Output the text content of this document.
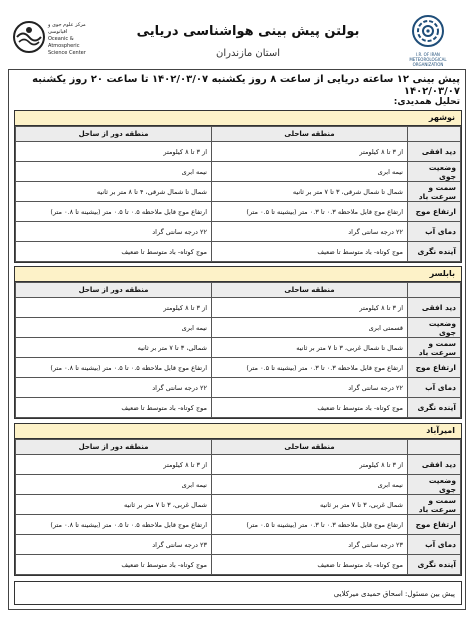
مرکز علوم جوی و اقیانوسی
Oceanic & Atmospheric
Science Center
بولتن پیش بینی هواشناسی دریایی
استان مازندران	I.R. OF IRAN
METEOROLOGICAL
ORGANIZATION
پیش بینی ۱۲ ساعته دریایی از ساعت ۸ روز یکشنبه ۱۴۰۲/۰۳/۰۷ تا ساعت ۲۰ روز یکشنبه ۱۴۰۲/۰۳/۰۷
تحلیل همدیدی:
نوشهر
	منطقه ساحلی	منطقه دور از ساحل
دید افقی	از ۳ تا ۸ کیلومتر	از ۳ تا ۸ کیلومتر
وضعیت جوی	نیمه ابری	نیمه ابری
سمت و سرعت باد	شمال تا شمال شرقی، ۳ تا ۷ متر بر ثانیه	شمال تا شمال شرقی، ۴ تا ۸ متر بر ثانیه
ارتفاع موج	ارتفاع موج قابل ملاحظه ۰.۳ تا ۰.۳ متر (بیشینه تا ۰.۵ متر)	ارتفاع موج قابل ملاحظه ۰.۵ تا ۰.۵ متر (بیشینه تا ۰.۸ متر)
دمای آب	۲۲ درجه سانتی گراد	۲۲ درجه سانتی گراد
آینده نگری	موج کوتاه- باد متوسط تا ضعیف	موج کوتاه- باد متوسط تا ضعیف
بابلسر
	منطقه ساحلی	منطقه دور از ساحل
دید افقی	از ۳ تا ۸ کیلومتر	از ۳ تا ۸ کیلومتر
وضعیت جوی	قسمتی ابری	نیمه ابری
سمت و سرعت باد	شمال تا شمال غربی، ۳ تا ۷ متر بر ثانیه	شمالی، ۳ تا ۷ متر بر ثانیه
ارتفاع موج	ارتفاع موج قابل ملاحظه ۰.۳ تا ۰.۳ متر (بیشینه تا ۰.۵ متر)	ارتفاع موج قابل ملاحظه ۰.۵ تا ۰.۵ متر (بیشینه تا ۰.۸ متر)
دمای آب	۲۲ درجه سانتی گراد	۲۲ درجه سانتی گراد
آینده نگری	موج کوتاه- باد متوسط تا ضعیف	موج کوتاه- باد متوسط تا ضعیف
امیرآباد
	منطقه ساحلی	منطقه دور از ساحل
دید افقی	از ۳ تا ۸ کیلومتر	از ۳ تا ۸ کیلومتر
وضعیت جوی	نیمه ابری	نیمه ابری
سمت و سرعت باد	شمال غربی، ۳ تا ۷ متر بر ثانیه	شمال غربی، ۳ تا ۷ متر بر ثانیه
ارتفاع موج	ارتفاع موج قابل ملاحظه ۰.۳ تا ۰.۳ متر (بیشینه تا ۰.۵ متر)	ارتفاع موج قابل ملاحظه ۰.۵ تا ۰.۵ متر (بیشینه تا ۰.۸ متر)
دمای آب	۲۳ درجه سانتی گراد	۲۳ درجه سانتی گراد
آینده نگری	موج کوتاه- باد متوسط تا ضعیف	موج کوتاه- باد متوسط تا ضعیف
پیش بین مسئول: اسحاق حمیدی میرکلایی
